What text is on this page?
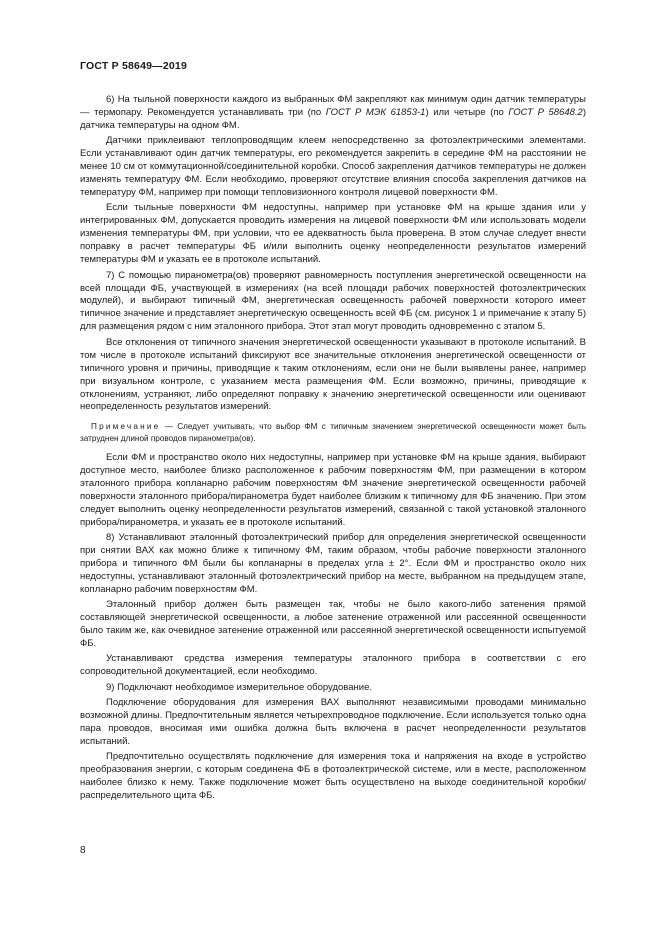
ГОСТ Р 58649—2019

6) На тыльной поверхности каждого из выбранных ФМ закрепляют как минимум один датчик температуры — термопару. Рекомендуется устанавливать три (по ГОСТ Р МЭК 61853-1) или четыре (по ГОСТ Р 58648.2) датчика температуры на одном ФМ.

Датчики приклеивают теплопроводящим клеем непосредственно за фотоэлектрическими элементами. Если устанавливают один датчик температуры, его рекомендуется закрепить в середине ФМ на расстоянии не менее 10 см от коммутационной/соединительной коробки. Способ закрепления датчиков температуры не должен изменять температуру ФМ. Если необходимо, проверяют отсутствие влияния способа закрепления датчиков на температуру ФМ, например при помощи тепловизионного контроля лицевой поверхности ФМ.

Если тыльные поверхности ФМ недоступны, например при установке ФМ на крыше здания или у интегрированных ФМ, допускается проводить измерения на лицевой поверхности ФМ или использовать модели изменения температуры ФМ, при условии, что ее адекватность была проверена. В этом случае следует внести поправку в расчет температуры ФБ и/или выполнить оценку неопределенности результатов измерений температуры ФМ и указать ее в протоколе испытаний.

7) С помощью пиранометра(ов) проверяют равномерность поступления энергетической освещенности на всей площади ФБ, участвующей в измерениях (на всей площади рабочих поверхностей фотоэлектрических модулей), и выбирают типичный ФМ, энергетическая освещенность рабочей поверхности которого имеет типичное значение и представляет энергетическую освещенность всей ФБ (см. рисунок 1 и примечание к этапу 5) для размещения рядом с ним эталонного прибора. Этот этап могут проводить одновременно с этапом 5.

Все отклонения от типичного значения энергетической освещенности указывают в протоколе испытаний. В том числе в протоколе испытаний фиксируют все значительные отклонения энергетической освещенности от типичного уровня и причины, приводящие к таким отклонениям, если они не были выявлены ранее, например при визуальном контроле, с указанием места размещения ФМ. Если возможно, причины, приводящие к отклонениям, устраняют, либо определяют поправку к значению энергетической освещенности или оценивают неопределенность результатов измерений.

Примечание — Следует учитывать, что выбор ФМ с типичным значением энергетической освещенности может быть затруднен длиной проводов пиранометра(ов).

Если ФМ и пространство около них недоступны, например при установке ФМ на крыше здания, выбирают доступное место, наиболее близко расположенное к рабочим поверхностям ФМ, при размещении в котором эталонного прибора копланарно рабочим поверхностям ФМ значение энергетической освещенности рабочей поверхности эталонного прибора/пиранометра будет наиболее близким к типичному для ФБ значению. При этом следует выполнить оценку неопределенности результатов измерений, связанной с такой установкой эталонного прибора/пиранометра, и указать ее в протоколе испытаний.

8) Устанавливают эталонный фотоэлектрический прибор для определения энергетической освещенности при снятии ВАХ как можно ближе к типичному ФМ, таким образом, чтобы рабочие поверхности эталонного прибора и типичного ФМ были бы копланарны в пределах угла ± 2°. Если ФМ и пространство около них недоступны, устанавливают эталонный фотоэлектрический прибор на месте, выбранном на предыдущем этапе, копланарно рабочим поверхностям ФМ.

Эталонный прибор должен быть размещен так, чтобы не было какого-либо затенения прямой составляющей энергетической освещенности, а любое затенение отраженной или рассеянной освещенности было таким же, как очевидное затенение отраженной или рассеянной энергетической освещенности испытуемой ФБ.

Устанавливают средства измерения температуры эталонного прибора в соответствии с его сопроводительной документацией, если необходимо.

9) Подключают необходимое измерительное оборудование.

Подключение оборудования для измерения ВАХ выполняют независимыми проводами минимально возможной длины. Предпочтительным является четырехпроводное подключение. Если используется только одна пара проводов, вносимая ими ошибка должна быть включена в расчет неопределенности результатов испытаний.

Предпочтительно осуществлять подключение для измерения тока и напряжения на входе в устройство преобразования энергии, с которым соединена ФБ в фотоэлектрической системе, или в месте, расположенном наиболее близко к нему. Также подключение может быть осуществлено на выходе соединительной коробки/распределительного щита ФБ.

8
